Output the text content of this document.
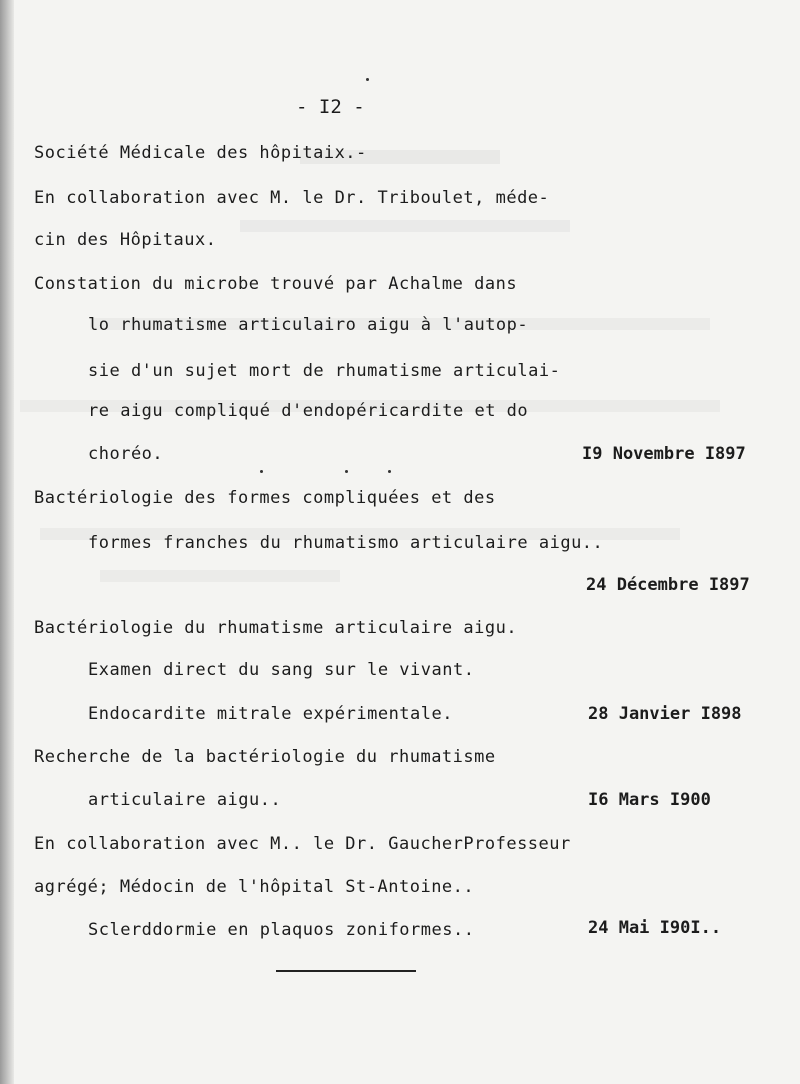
- I2 -
Société Médicale des hôpitaix.-
En collaboration avec M. le Dr. Triboulet, méde-
cin des Hôpitaux.
Constation du microbe trouvé par Achalme dans
lo rhumatisme articulairo aigu à l'autop-
sie d'un sujet mort de rhumatisme articulai-
re aigu compliqué d'endopéricardite et do
choréo.	I9 Novembre I897
Bactériologie des formes compliquées et des
formes franches du rhumatismo articulaire aigu..
24 Décembre I897
Bactériologie du rhumatisme articulaire aigu.
Examen direct du sang sur le vivant.
Endocardite mitrale expérimentale.	28 Janvier I898
Recherche de la bactériologie du rhumatisme
articulaire aigu..	I6 Mars I900
En collaboration avec M.. le Dr. GaucherProfesseur
agrégé; Médocin de l'hôpital St-Antoine..
Sclerddormie en plaquos zoniformes..	24 Mai I90I..
